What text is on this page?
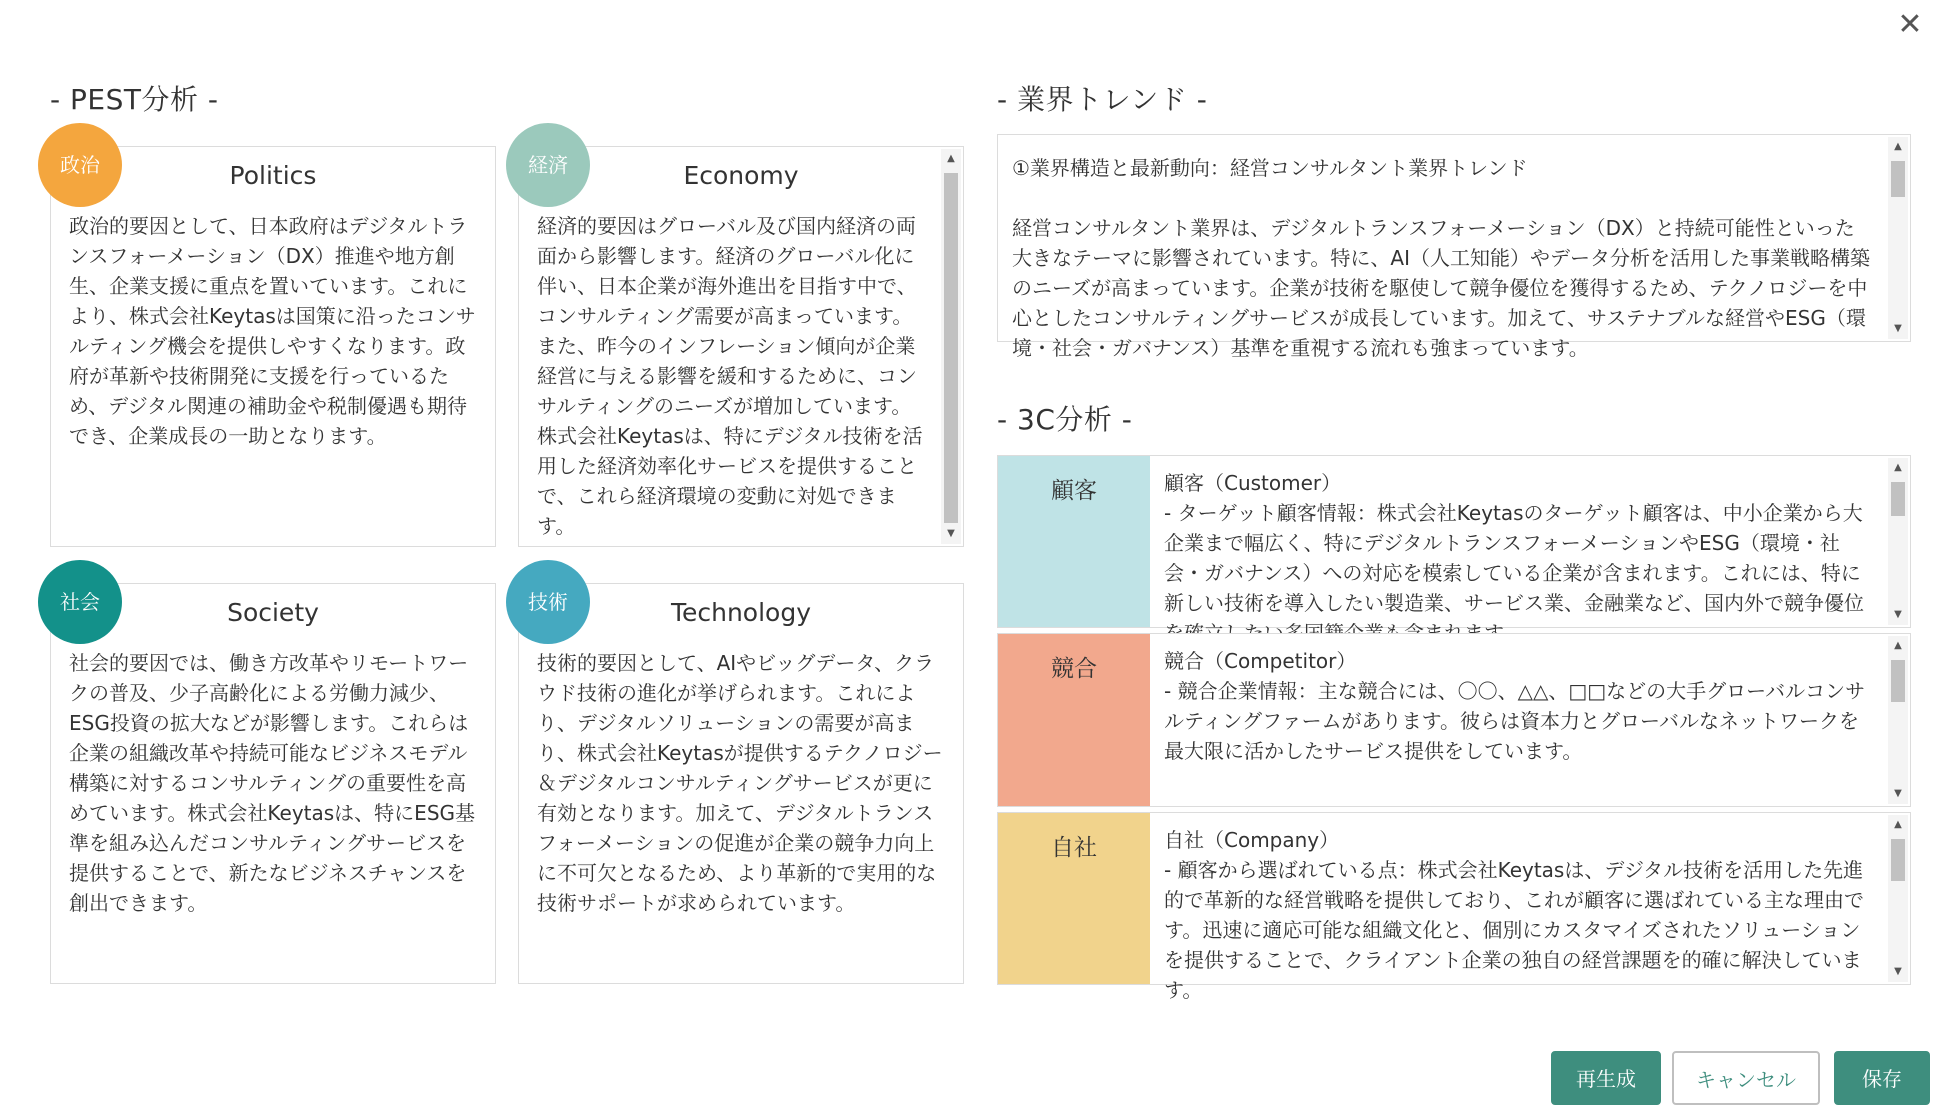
✕
- PEST分析 -
Politics
政治的要因として、日本政府はデジタルトランスフォーメーション（DX）推進や地方創生、企業支援に重点を置いています。これにより、株式会社Keytasは国策に沿ったコンサルティング機会を提供しやすくなります。政府が革新や技術開発に支援を行っているため、デジタル関連の補助金や税制優遇も期待でき、企業成長の一助となります。
政治	Economy
経済的要因はグローバル及び国内経済の両面から影響します。経済のグローバル化に伴い、日本企業が海外進出を目指す中で、コンサルティング需要が高まっています。また、昨今のインフレーション傾向が企業経営に与える影響を緩和するために、コンサルティングのニーズが増加しています。株式会社Keytasは、特にデジタル技術を活用した経済効率化サービスを提供することで、これら経済環境の変動に対処できます。
▲
▼
経済
Society
社会的要因では、働き方改革やリモートワークの普及、少子高齢化による労働力減少、ESG投資の拡大などが影響します。これらは企業の組織改革や持続可能なビジネスモデル構築に対するコンサルティングの重要性を高めています。株式会社Keytasは、特にESG基準を組み込んだコンサルティングサービスを提供することで、新たなビジネスチャンスを創出できます。
社会	Technology
技術的要因として、AIやビッグデータ、クラウド技術の進化が挙げられます。これにより、デジタルソリューションの需要が高まり、株式会社Keytasが提供するテクノロジー＆デジタルコンサルティングサービスが更に有効となります。加えて、デジタルトランスフォーメーションの促進が企業の競争力向上に不可欠となるため、より革新的で実用的な技術サポートが求められています。
技術
- 業界トレンド -
①業界構造と最新動向：経営コンサルタント業界トレンド
経営コンサルタント業界は、デジタルトランスフォーメーション（DX）と持続可能性といった大きなテーマに影響されています。特に、AI（人工知能）やデータ分析を活用した事業戦略構築のニーズが高まっています。企業が技術を駆使して競争優位を獲得するため、テクノロジーを中心としたコンサルティングサービスが成長しています。加えて、サステナブルな経営やESG（環境・社会・ガバナンス）基準を重視する流れも強まっています。
▲
▼
- 3C分析 -
顧客	顧客（Customer）
- ターゲット顧客情報：株式会社Keytasのターゲット顧客は、中小企業から大企業まで幅広く、特にデジタルトランスフォーメーションやESG（環境・社会・ガバナンス）への対応を模索している企業が含まれます。これには、特に新しい技術を導入したい製造業、サービス業、金融業など、国内外で競争優位
▲
▼
競合	競合（Competitor）
- 競合企業情報：主な競合には、〇〇、△△、□□などの大手グローバルコンサルティングファームがあります。彼らは資本力とグローバルなネットワークを最大限に活かしたサービス提供をしています。
▲
▼
自社	自社（Company）
- 顧客から選ばれている点：株式会社Keytasは、デジタル技術を活用した先進的で革新的な経営戦略を提供しており、これが顧客に選ばれている主な理由です。迅速に適応可能な組織文化と、個別にカスタマイズされたソリューションを提供することで、クライアント企業の独自の経営課題を的確に解決しています。
▲
▼
再生成	キャンセル	保存
